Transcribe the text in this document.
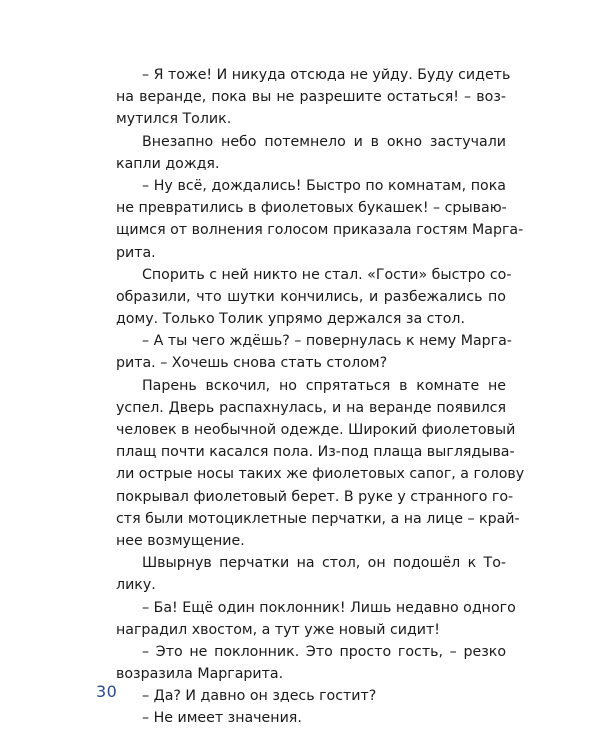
– Я тоже! И никуда отсюда не уйду. Буду сидеть
на веранде, пока вы не разрешите остаться! – воз-
мутился Толик.
Внезапно небо потемнело и в окно застучали
капли дождя.
– Ну всё, дождались! Быстро по комнатам, пока
не превратились в фиолетовых букашек! – срываю-
щимся от волнения голосом приказала гостям Марга-
рита.
Спорить с ней никто не стал. «Гости» быстро со-
образили, что шутки кончились, и разбежались по
дому. Только Толик упрямо держался за стол.
– А ты чего ждёшь? – повернулась к нему Марга-
рита. – Хочешь снова стать столом?
Парень вскочил, но спрятаться в комнате не
успел. Дверь распахнулась, и на веранде появился
человек в необычной одежде. Широкий фиолетовый
плащ почти касался пола. Из-под плаща выглядыва-
ли острые носы таких же фиолетовых сапог, а голову
покрывал фиолетовый берет. В руке у странного го-
стя были мотоциклетные перчатки, а на лице – край-
нее возмущение.
Швырнув перчатки на стол, он подошёл к То-
лику.
– Ба! Ещё один поклонник! Лишь недавно одного
наградил хвостом, а тут уже новый сидит!
– Это не поклонник. Это просто гость, – резко
возразила Маргарита.
– Да? И давно он здесь гостит?
– Не имеет значения.
30
